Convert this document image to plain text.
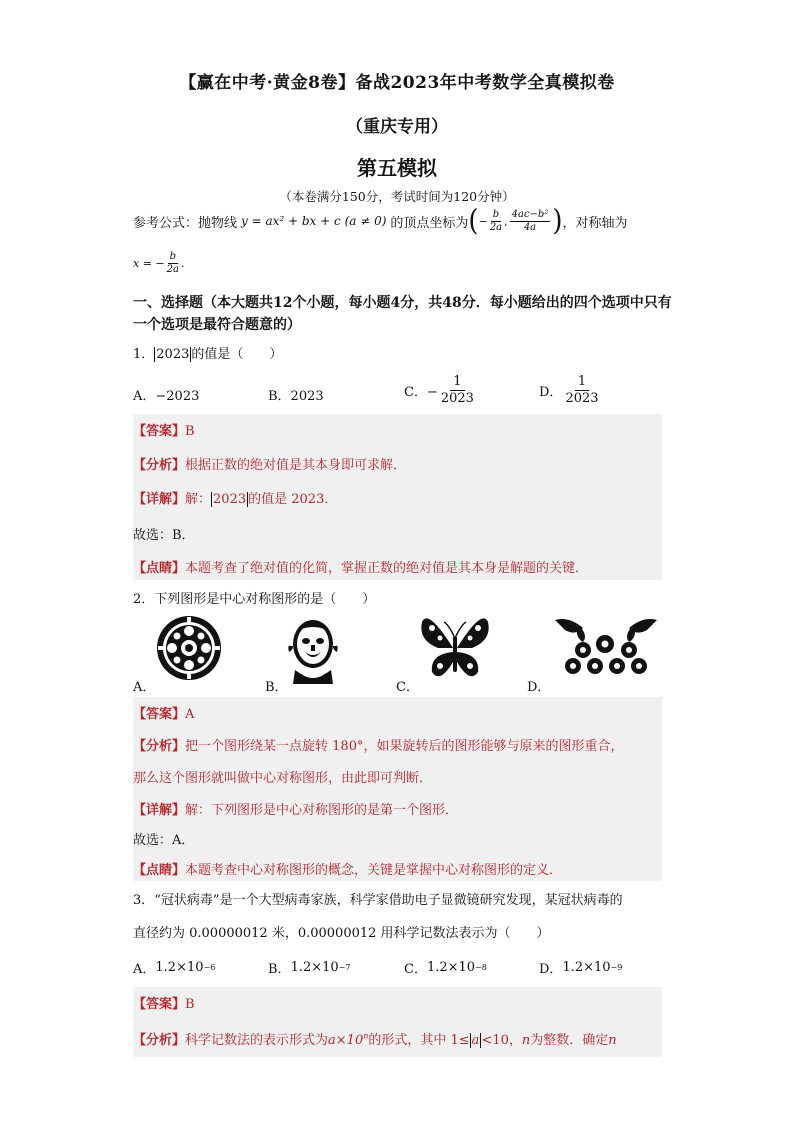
【赢在中考·黄金8卷】备战2023年中考数学全真模拟卷
（重庆专用）
第五模拟
（本卷满分150分，考试时间为120分钟）
参考公式：抛物线 y = ax² + bx + c (a ≠ 0) 的顶点坐标为 ( − $\frac{b}{2a}$ , $\frac{\text{4ac−b²}}{4a}$ ) ，对称轴为
x = − $\frac{b}{2a}$ .
一、选择题（本大题共12个小题，每小题4分，共48分．每小题给出的四个选项中只有一个选项是最符合题意的）
1． 2023 的值是（　　）
A．−2023	B．2023	C．− $\frac{1}{2023}$	D． $\frac{1}{2023}$
【答案】B
【分析】根据正数的绝对值是其本身即可求解．
【详解】解： 2023 的值是 2023．
故选：B．
【点睛】本题考查了绝对值的化简，掌握正数的绝对值是其本身是解题的关键．
2．下列图形是中心对称图形的是（　　）
A．	B．	C．	D．
【答案】A
【分析】把一个图形绕某一点旋转 180°，如果旋转后的图形能够与原来的图形重合，
那么这个图形就叫做中心对称图形，由此即可判断．
【详解】解：下列图形是中心对称图形的是第一个图形．
故选：A．
【点睛】本题考查中心对称图形的概念，关键是掌握中心对称图形的定义．
3．“冠状病毒”是一个大型病毒家族，科学家借助电子显微镜研究发现，某冠状病毒的
直径约为 0.00000012 米，0.00000012 用科学记数法表示为（　　）
A． 1.2×10 −6	B． 1.2×10 −7	C． 1.2×10 −8	D． 1.2×10 −9
【答案】B
【分析】科学记数法的表示形式为$a\times 10^n$的形式，其中 1≤ a <10，n为整数．确定n
